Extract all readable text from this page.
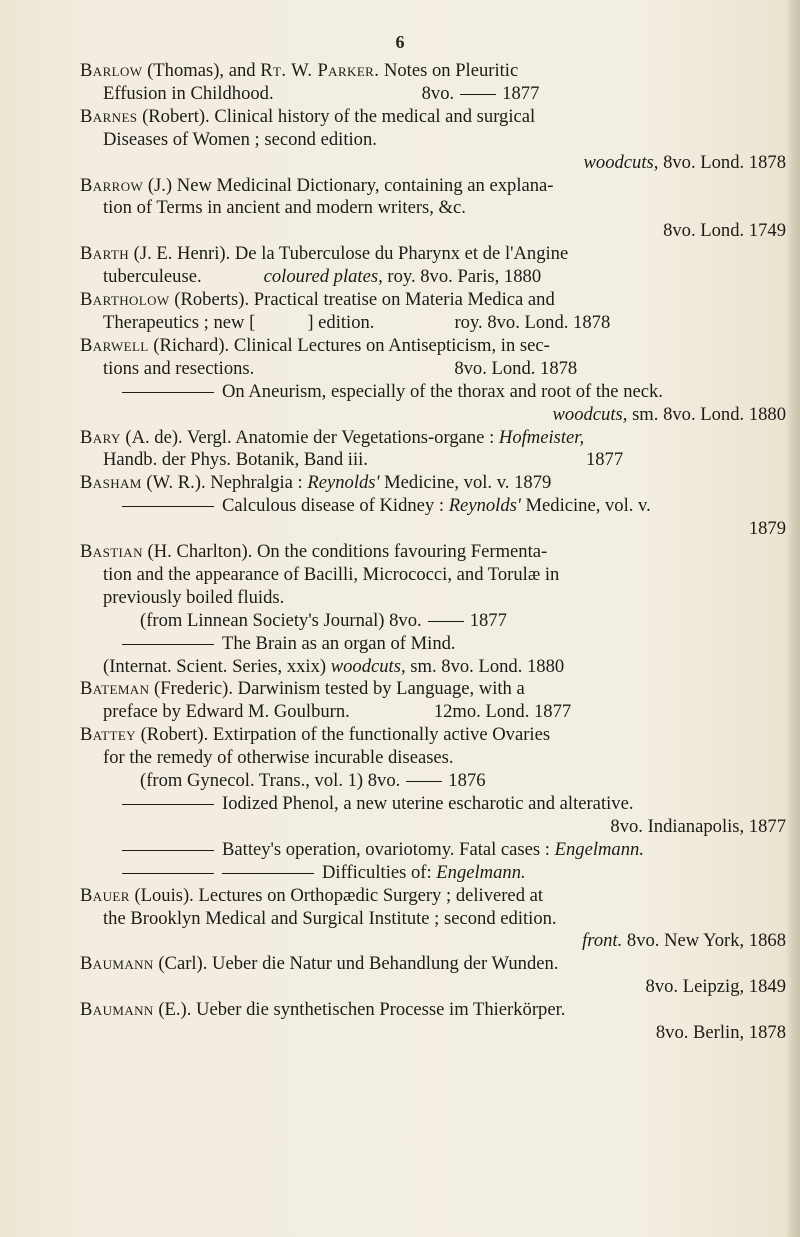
6
Barlow (Thomas), and Rt. W. Parker. Notes on Pleuritic
Effusion in Childhood.	8vo.	1877
Barnes (Robert). Clinical history of the medical and surgical
Diseases of Women ; second edition.
woodcuts, 8vo. Lond. 1878
Barrow (J.) New Medicinal Dictionary, containing an explana-
tion of Terms in ancient and modern writers, &c.
8vo. Lond. 1749
Barth (J. E. Henri). De la Tuberculose du Pharynx et de l'Angine
tuberculeuse.	coloured plates, roy. 8vo. Paris, 1880
Bartholow (Roberts). Practical treatise on Materia Medica and
Therapeutics ; new [	] edition.	roy. 8vo. Lond. 1878
Barwell (Richard). Clinical Lectures on Antisepticism, in sec-
tions and resections.	8vo. Lond. 1878
On Aneurism, especially of the thorax and root of the neck.
woodcuts, sm. 8vo. Lond. 1880
Bary (A. de). Vergl. Anatomie der Vegetations-organe : Hofmeister,
Handb. der Phys. Botanik, Band iii.	1877
Basham (W. R.). Nephralgia : Reynolds' Medicine, vol. v. 1879
Calculous disease of Kidney : Reynolds' Medicine, vol. v.
1879
Bastian (H. Charlton). On the conditions favouring Fermenta-
tion and the appearance of Bacilli, Micrococci, and Torulæ in
previously boiled fluids.
(from Linnean Society's Journal) 8vo.	1877
The Brain as an organ of Mind.
(Internat. Scient. Series, xxix) woodcuts, sm. 8vo. Lond. 1880
Bateman (Frederic). Darwinism tested by Language, with a
preface by Edward M. Goulburn.	12mo. Lond. 1877
Battey (Robert). Extirpation of the functionally active Ovaries
for the remedy of otherwise incurable diseases.
(from Gynecol. Trans., vol. 1) 8vo.	1876
Iodized Phenol, a new uterine escharotic and alterative.
8vo. Indianapolis, 1877
Battey's operation, ovariotomy. Fatal cases : Engelmann.
Difficulties of: Engelmann.
Bauer (Louis). Lectures on Orthopædic Surgery ; delivered at
the Brooklyn Medical and Surgical Institute ; second edition.
front. 8vo. New York, 1868
Baumann (Carl). Ueber die Natur und Behandlung der Wunden.
8vo. Leipzig, 1849
Baumann (E.). Ueber die synthetischen Processe im Thierkörper.
8vo. Berlin, 1878
